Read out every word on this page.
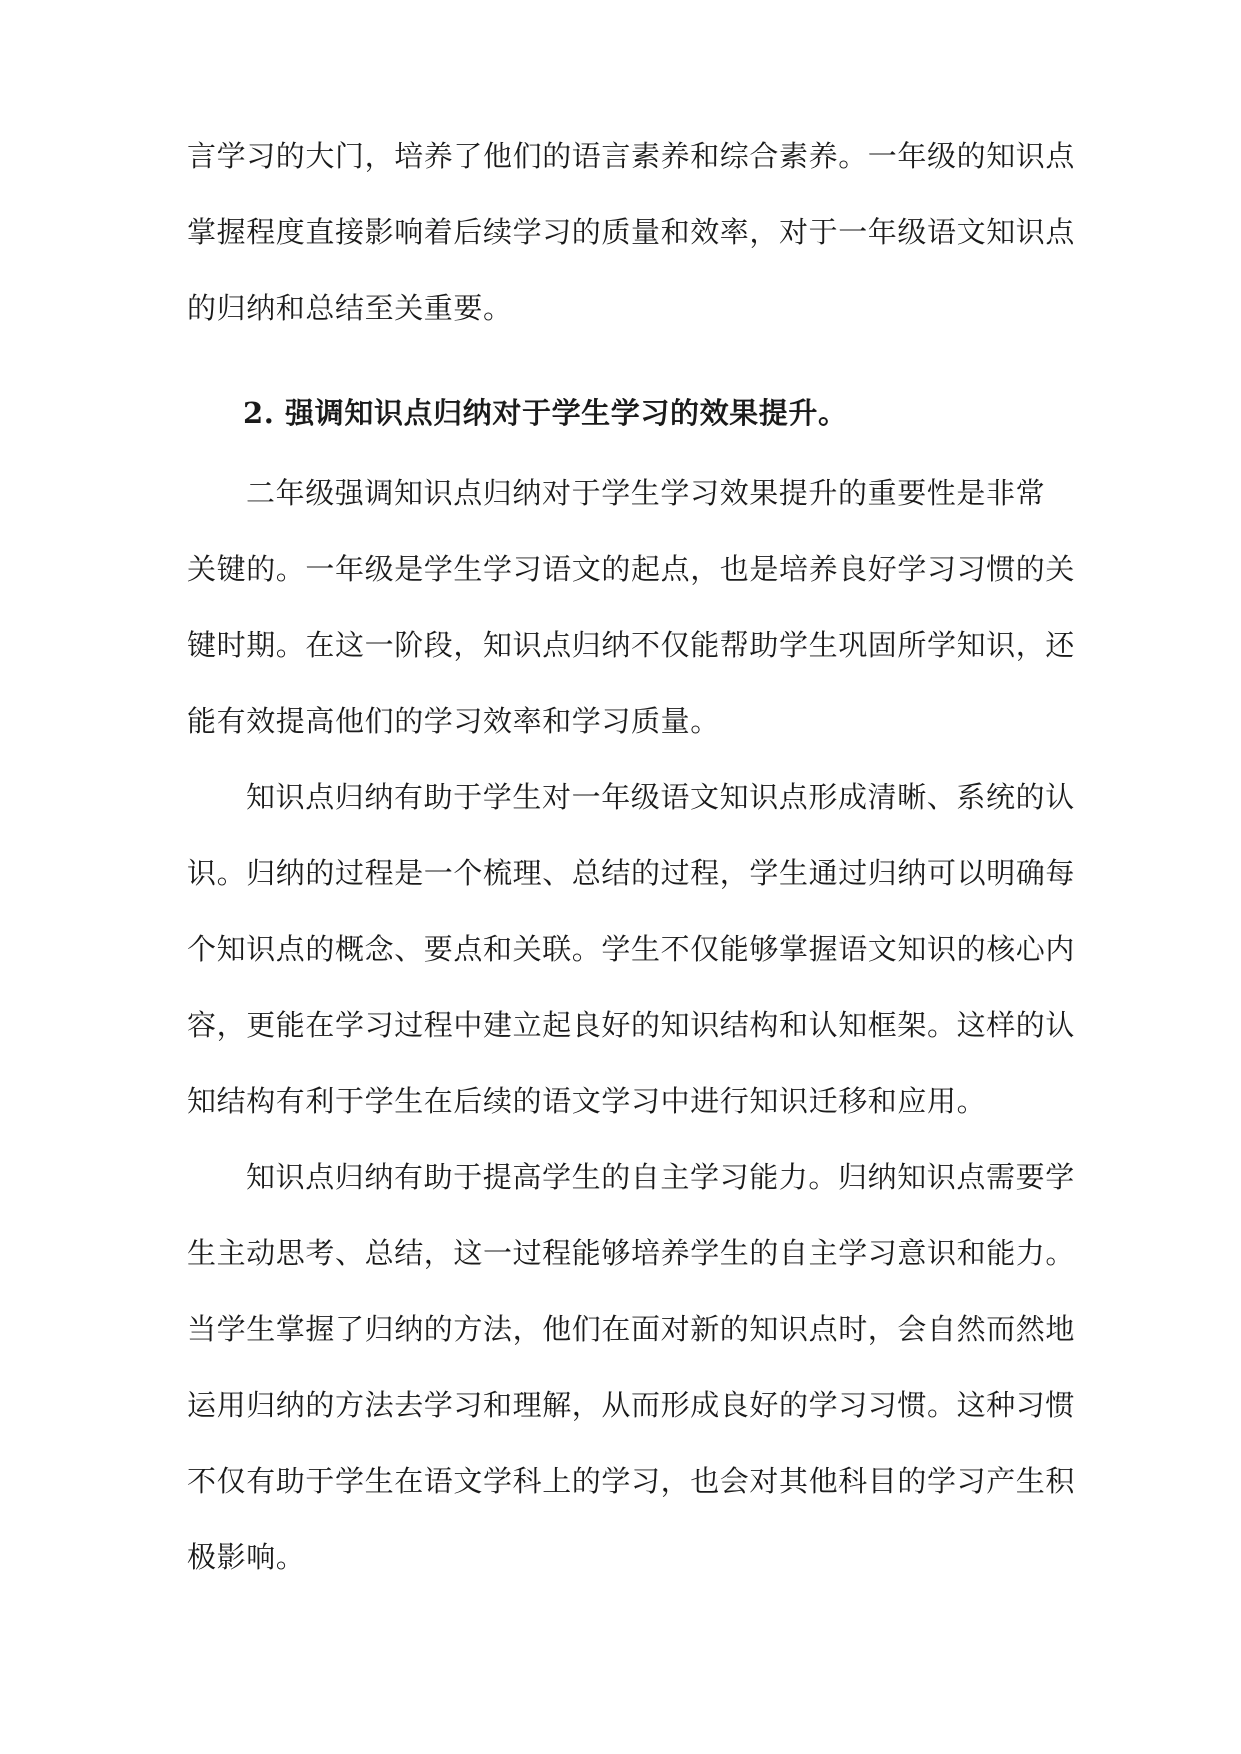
言学习的大门，培养了他们的语言素养和综合素养。一年级的知识点
掌握程度直接影响着后续学习的质量和效率，对于一年级语文知识点
的归纳和总结至关重要。
2. 强调知识点归纳对于学生学习的效果提升。
二年级强调知识点归纳对于学生学习效果提升的重要性是非常
关键的。一年级是学生学习语文的起点，也是培养良好学习习惯的关
键时期。在这一阶段，知识点归纳不仅能帮助学生巩固所学知识，还
能有效提高他们的学习效率和学习质量。
知识点归纳有助于学生对一年级语文知识点形成清晰、系统的认
识。归纳的过程是一个梳理、总结的过程，学生通过归纳可以明确每
个知识点的概念、要点和关联。学生不仅能够掌握语文知识的核心内
容，更能在学习过程中建立起良好的知识结构和认知框架。这样的认
知结构有利于学生在后续的语文学习中进行知识迁移和应用。
知识点归纳有助于提高学生的自主学习能力。归纳知识点需要学
生主动思考、总结，这一过程能够培养学生的自主学习意识和能力。
当学生掌握了归纳的方法，他们在面对新的知识点时，会自然而然地
运用归纳的方法去学习和理解，从而形成良好的学习习惯。这种习惯
不仅有助于学生在语文学科上的学习，也会对其他科目的学习产生积
极影响。
